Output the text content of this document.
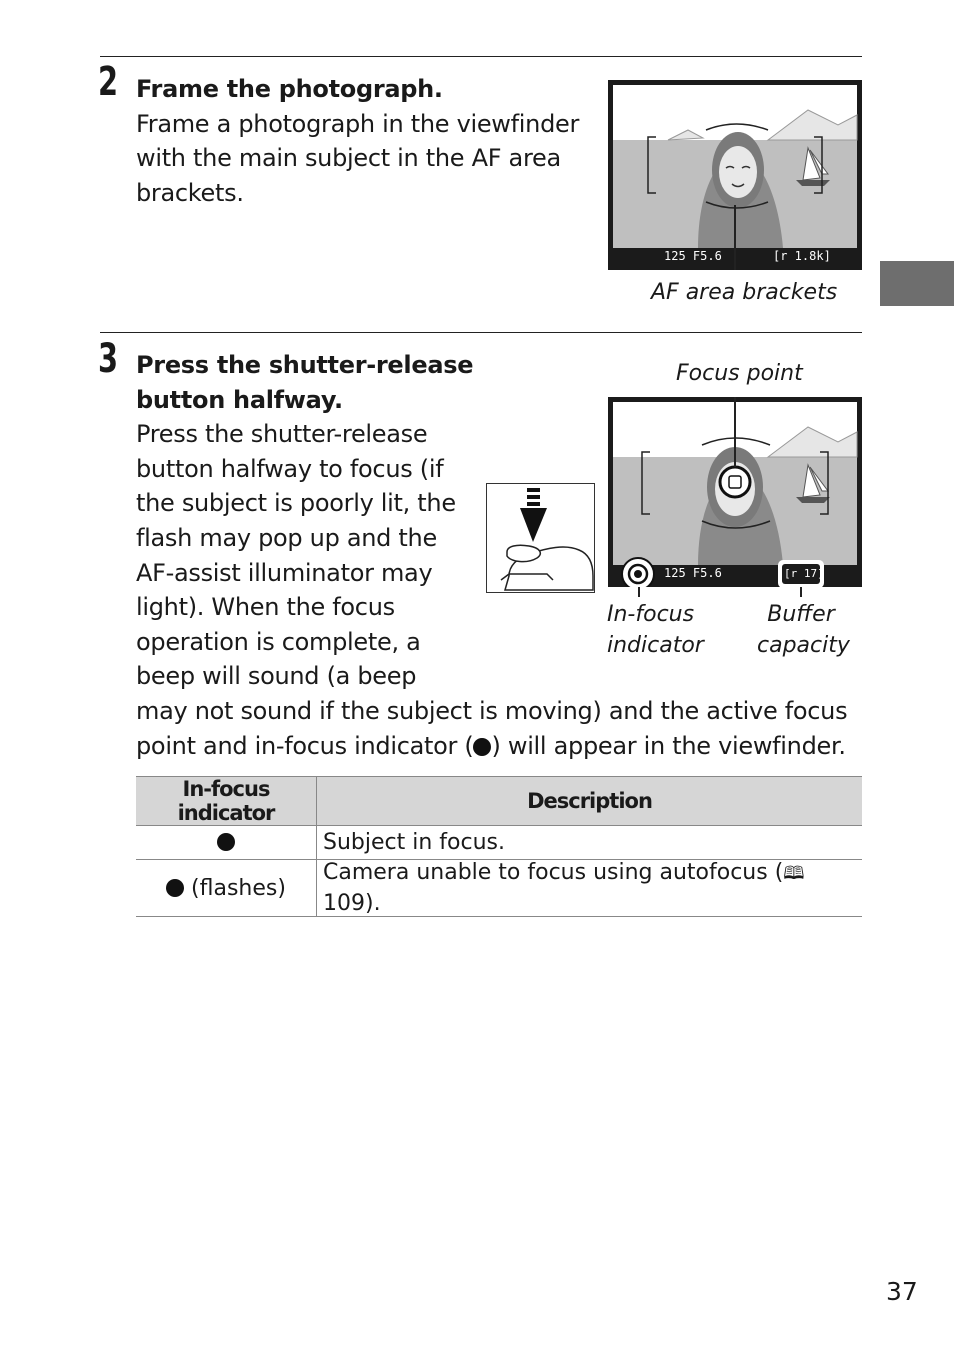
2 Frame the photograph.
Frame a photograph in the viewfinder
with the main subject in the AF area
brackets.
125 F5.6	[r 1.8k]
AF area brackets
3 Press the shutter-release
button halfway.
Press the shutter-release
button halfway to focus (if
the subject is poorly lit, the
flash may pop up and the
AF-assist illuminator may
light). When the focus
operation is complete, a
beep will sound (a beep
may not sound if the subject is moving) and the active focus
point and in-focus indicator ( ) will appear in the viewfinder.
Focus point
125 F5.6	[r 17]
In-focus
indicator
Buffer
capacity
In-focus indicator	Description
	Subject in focus.
(flashes)	Camera unable to focus using autofocus (🕮 109).
37
